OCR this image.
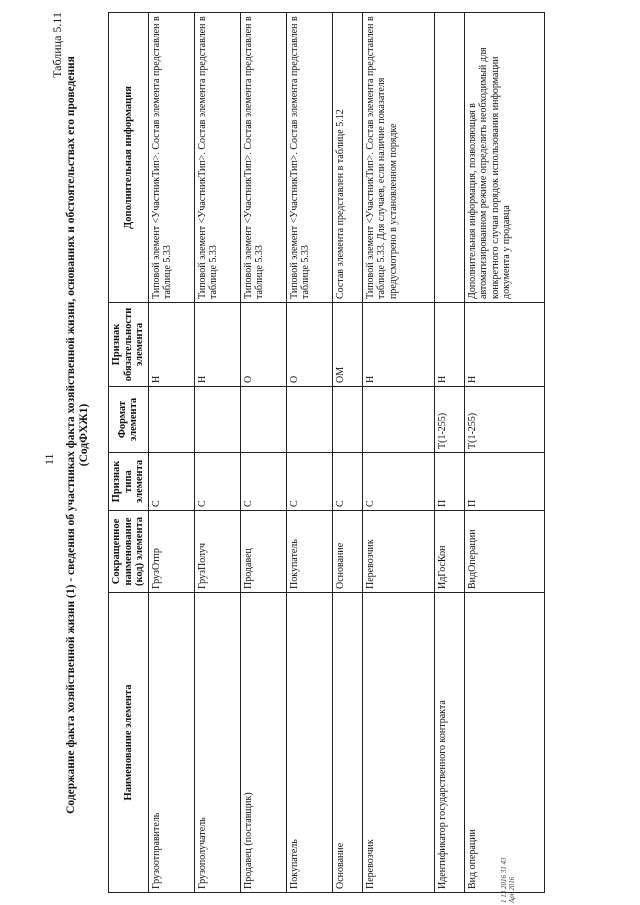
11
Таблица 5.11
Содержание факта хозяйственной жизни (1) - сведения об участниках факта хозяйственной жизни, основаниях и обстоятельствах его проведения (СодФХЖ1)
Наименование элемента	Сокращенное наименование (код) элемента	Признак типа элемента	Формат элемента	Признак обязательности элемента	Дополнительная информация
Грузоотправитель	ГрузОтпр	С		Н	Типовой элемент <УчастникТип>. Состав элемента представлен в таблице 5.33
Грузополучатель	ГрузПолуч	С		Н	Типовой элемент <УчастникТип>. Состав элемента представлен в таблице 5.33
Продавец (поставщик)	Продавец	С		О	Типовой элемент <УчастникТип>. Состав элемента представлен в таблице 5.33
Покупатель	Покупатель	С		О	Типовой элемент <УчастникТип>. Состав элемента представлен в таблице 5.33
Основание	Основание	С		ОМ	Состав элемента представлен в таблице 5.12
Перевозчик	Перевозчик	С		Н	Типовой элемент <УчастникТип>. Состав элемента представлен в таблице 5.33. Для случаев, если наличие показателя предусмотрено в установленном порядке
Идентификатор государственного контракта	ИдГосКон	П	T(1-255)	Н	
Вид операции	ВидОперации	П	T(1-255)	Н	Дополнительная информация, позволяющая в автоматизированном режиме определить необходимый для конкретного случая порядок использования информации документа у продавца
1 13 2016 31 43 Apr 2016
